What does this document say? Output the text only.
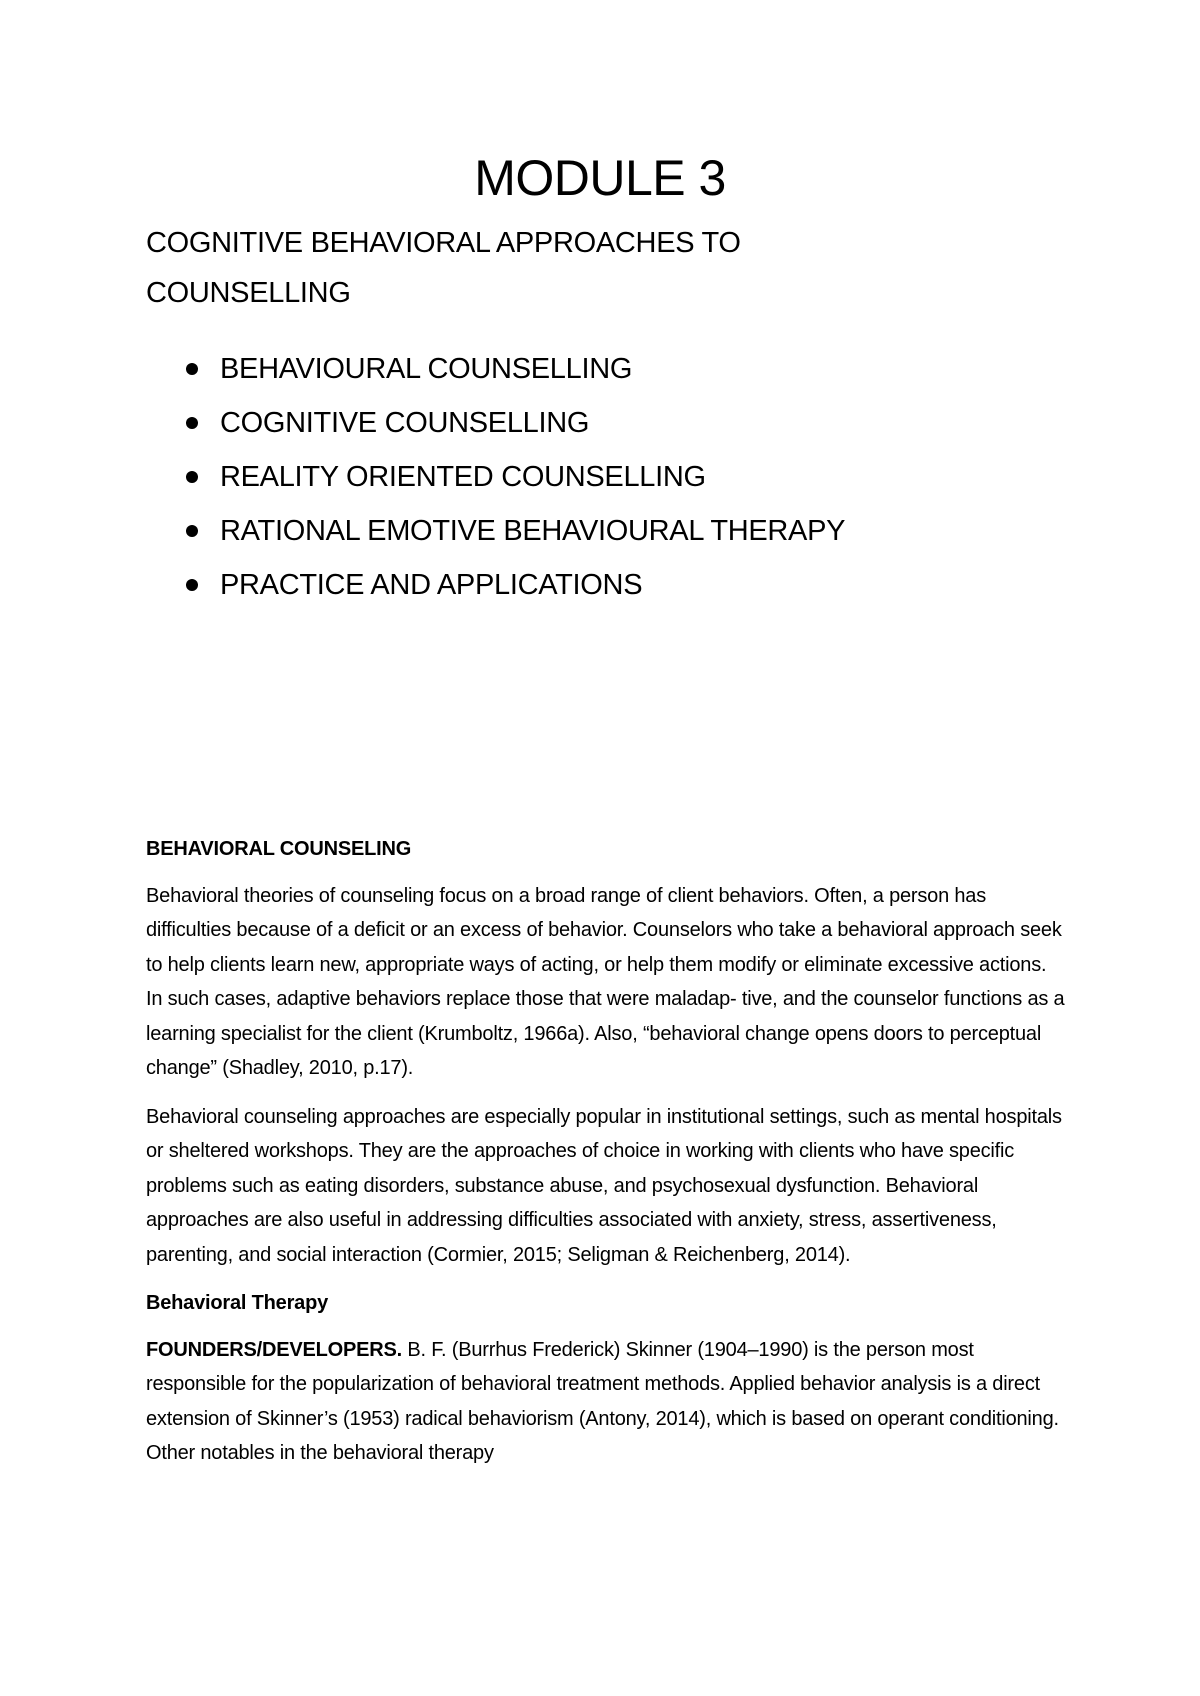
MODULE 3
COGNITIVE BEHAVIORAL APPROACHES TO
COUNSELLING
BEHAVIOURAL COUNSELLING
COGNITIVE COUNSELLING
REALITY ORIENTED COUNSELLING
RATIONAL EMOTIVE BEHAVIOURAL THERAPY
PRACTICE AND APPLICATIONS

BEHAVIORAL COUNSELING

Behavioral theories of counseling focus on a broad range of client behaviors. Often, a person has difficulties because of a deficit or an excess of behavior. Counselors who take a behavioral approach seek to help clients learn new, appropriate ways of acting, or help them modify or eliminate excessive actions. In such cases, adaptive behaviors replace those that were maladap- tive, and the counselor functions as a learning specialist for the client (Krumboltz, 1966a). Also, “behavioral change opens doors to perceptual change” (Shadley, 2010, p.17).

Behavioral counseling approaches are especially popular in institutional settings, such as mental hospitals or sheltered workshops. They are the approaches of choice in working with clients who have specific problems such as eating disorders, substance abuse, and psychosexual dysfunction. Behavioral approaches are also useful in addressing difficulties associated with anxiety, stress, assertiveness, parenting, and social interaction (Cormier, 2015; Seligman & Reichenberg, 2014).

Behavioral Therapy

FOUNDERS/DEVELOPERS. B. F. (Burrhus Frederick) Skinner (1904–1990) is the person most responsible for the popularization of behavioral treatment methods. Applied behavior analysis is a direct extension of Skinner’s (1953) radical behaviorism (Antony, 2014), which is based on operant conditioning. Other notables in the behavioral therapy
